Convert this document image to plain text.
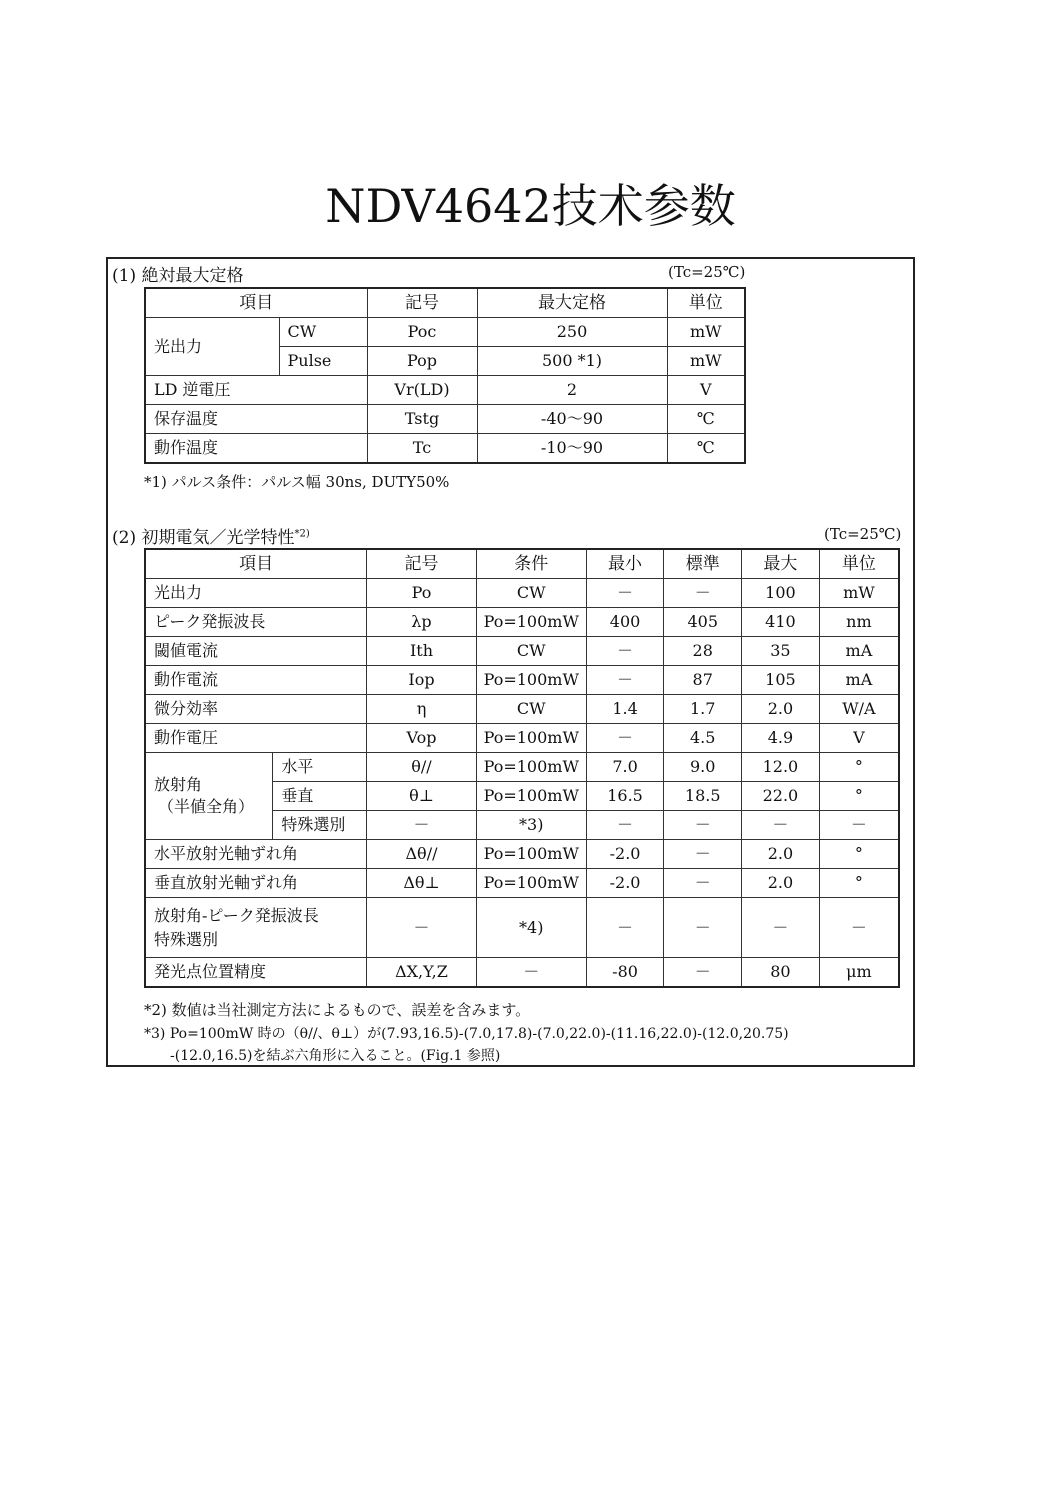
NDV4642技术参数
(1) 絶対最大定格	(Tc=25℃)
項目		記号	最大定格	単位
光出力	CW	Poc	250	mW
	Pulse	Pop	500 *1)	mW
LD 逆電圧		Vr(LD)	2	V
保存温度		Tstg	-40～90	℃
動作温度		Tc	-10～90	℃
*1) パルス条件：パルス幅 30ns, DUTY50%
(2) 初期電気／光学特性$^{*2)}$	(Tc=25℃)
項目		記号	条件	最小	標準	最大	単位
光出力		Po	CW	－	－	100	mW
ピーク発振波長		λp	Po=100mW	400	405	410	nm
閾値電流		Ith	CW	－	28	35	mA
動作電流		Iop	Po=100mW	－	87	105	mA
微分効率		η	CW	1.4	1.7	2.0	W/A
動作電圧		Vop	Po=100mW	－	4.5	4.9	V

放射角
（半値全角）	水平	θ//	Po=100mW	7.0	9.0	12.0	°
	垂直	θ⊥	Po=100mW	16.5	18.5	22.0	°
	特殊選別	－	*3)	－	－	－	－
水平放射光軸ずれ角		Δθ//	Po=100mW	-2.0	－	2.0	°
垂直放射光軸ずれ角		Δθ⊥	Po=100mW	-2.0	－	2.0	°

放射角-ピーク発振波長
特殊選別		－	*4)	－	－	－	－
発光点位置精度		ΔX,Y,Z	－	-80	－	80	μm
*2) 数値は当社測定方法によるもので、誤差を含みます。
*3) Po=100mW 時の（θ//、θ⊥）が(7.93,16.5)-(7.0,17.8)-(7.0,22.0)-(11.16,22.0)-(12.0,20.75)
-(12.0,16.5)を結ぶ六角形に入ること。(Fig.1 参照)
